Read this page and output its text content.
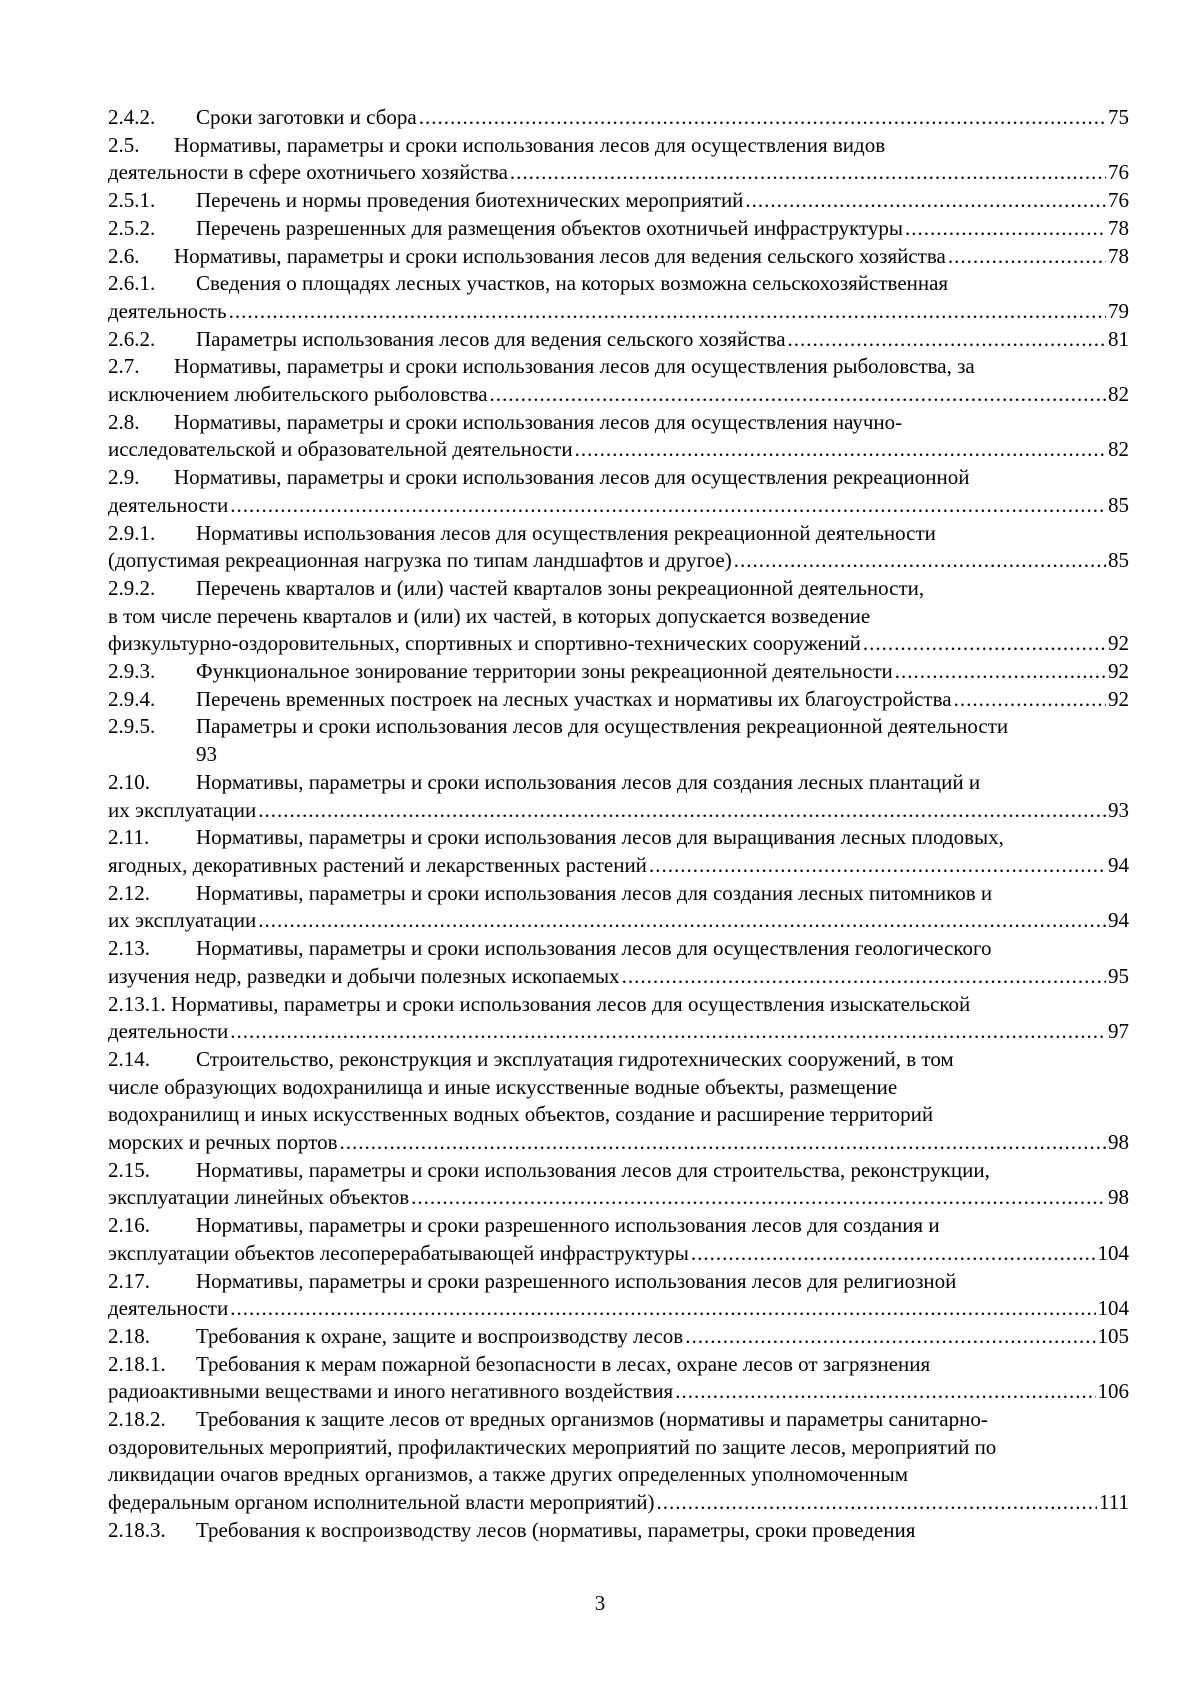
2.4.2.	Сроки заготовки и сбора .....	75
2.5.	Нормативы, параметры и сроки использования лесов для осуществления видов
деятельности в сфере охотничьего хозяйства .....	76
2.5.1.	Перечень и нормы проведения биотехнических мероприятий .....	76
2.5.2.	Перечень разрешенных для размещения объектов охотничьей инфраструктуры .....	78
2.6.	Нормативы, параметры и сроки использования лесов для ведения сельского хозяйства .....	78
2.6.1.	Сведения о площадях лесных участков, на которых возможна сельскохозяйственная
деятельность .....	79
2.6.2.	Параметры использования лесов для ведения сельского хозяйства .....	81
2.7.	Нормативы, параметры и сроки использования лесов для осуществления рыболовства, за
исключением любительского рыболовства .....	82
2.8.	Нормативы, параметры и сроки использования лесов для осуществления научно-
исследовательской и образовательной деятельности .....	82
2.9.	Нормативы, параметры и сроки использования лесов для осуществления рекреационной
деятельности .....	85
2.9.1.	Нормативы использования лесов для осуществления рекреационной деятельности
(допустимая рекреационная нагрузка по типам ландшафтов и другое) .....	85
2.9.2.	Перечень кварталов и (или) частей кварталов зоны рекреационной деятельности,
в том числе перечень кварталов и (или) их частей, в которых допускается возведение
физкультурно-оздоровительных, спортивных и спортивно-технических сооружений .....	92
2.9.3.	Функциональное зонирование территории зоны рекреационной деятельности .....	92
2.9.4.	Перечень временных построек на лесных участках и нормативы их благоустройства .....	92
2.9.5.	Параметры и сроки использования лесов для осуществления рекреационной деятельности
93
2.10.	Нормативы, параметры и сроки использования лесов для создания лесных плантаций и
их эксплуатации .....	93
2.11.	Нормативы, параметры и сроки использования лесов для выращивания лесных плодовых,
ягодных, декоративных растений и лекарственных растений .....	94
2.12.	Нормативы, параметры и сроки использования лесов для создания лесных питомников и
их эксплуатации .....	94
2.13.	Нормативы, параметры и сроки использования лесов для осуществления геологического
изучения недр, разведки и добычи полезных ископаемых .....	95
2.13.1. Нормативы, параметры и сроки использования лесов для осуществления изыскательской
деятельности .....	97
2.14.	Строительство, реконструкция и эксплуатация гидротехнических сооружений, в том
числе образующих водохранилища и иные искусственные водные объекты, размещение
водохранилищ и иных искусственных водных объектов, создание и расширение территорий
морских и речных портов .....	98
2.15.	Нормативы, параметры и сроки использования лесов для строительства, реконструкции,
эксплуатации линейных объектов .....	98
2.16.	Нормативы, параметры и сроки разрешенного использования лесов для создания и
эксплуатации объектов лесоперерабатывающей инфраструктуры .....	104
2.17.	Нормативы, параметры и сроки разрешенного использования лесов для религиозной
деятельности .....	104
2.18.	Требования к охране, защите и воспроизводству лесов .....	105
2.18.1.	Требования к мерам пожарной безопасности в лесах, охране лесов от загрязнения
радиоактивными веществами и иного негативного воздействия .....	106
2.18.2.	Требования к защите лесов от вредных организмов (нормативы и параметры санитарно-
оздоровительных мероприятий, профилактических мероприятий по защите лесов, мероприятий по
ликвидации очагов вредных организмов, а также других определенных уполномоченным
федеральным органом исполнительной власти мероприятий) .....	111
2.18.3.	Требования к воспроизводству лесов (нормативы, параметры, сроки проведения
3
